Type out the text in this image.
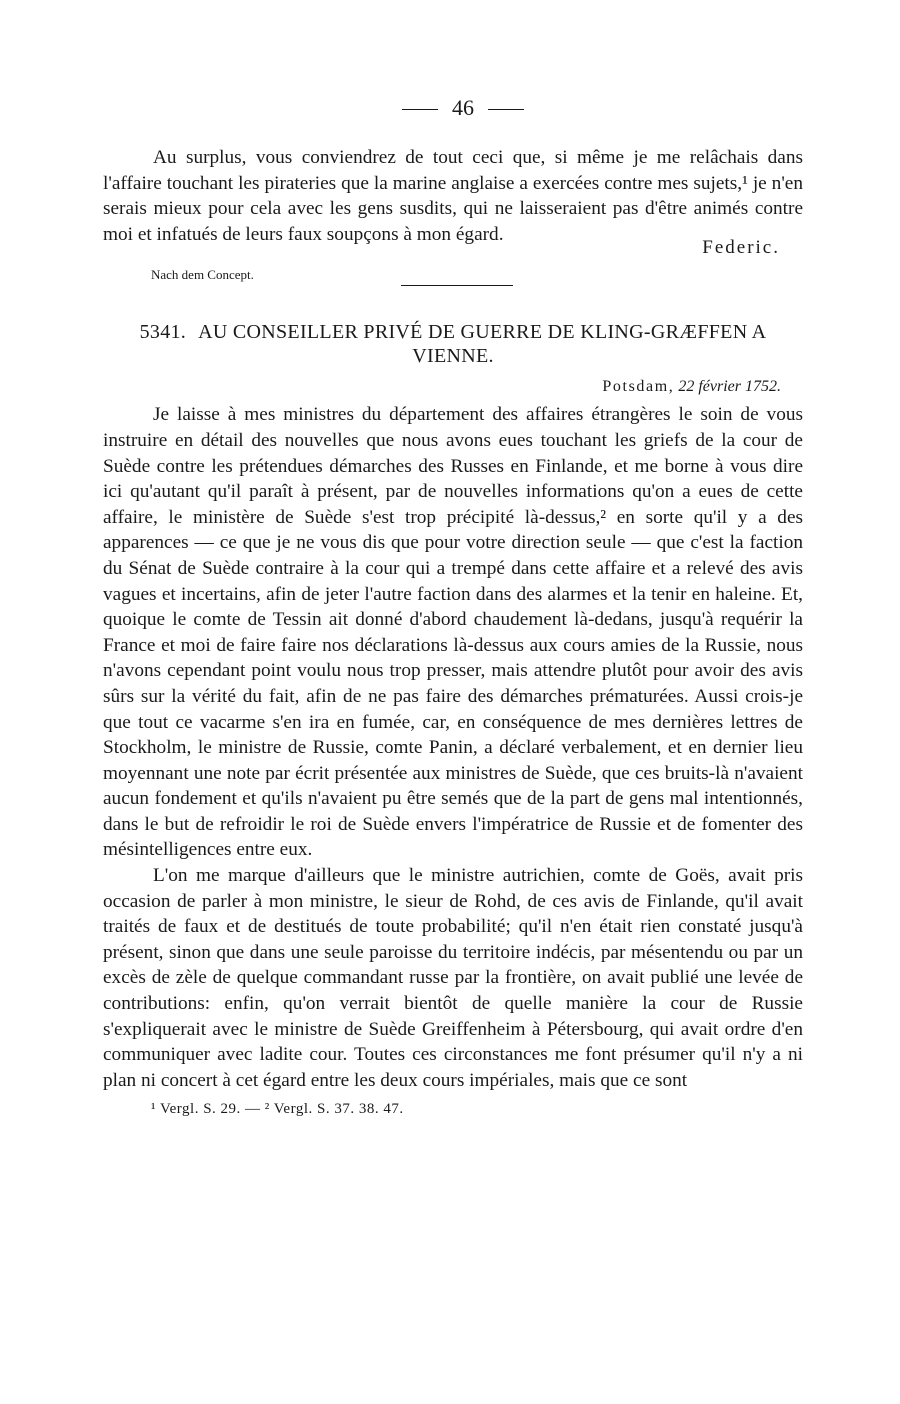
46

Au surplus, vous conviendrez de tout ceci que, si même je me relâchais dans l'affaire touchant les pirateries que la marine anglaise a exercées contre mes sujets,¹ je n'en serais mieux pour cela avec les gens susdits, qui ne laisseraient pas d'être animés contre moi et infatués de leurs faux soupçons à mon égard.

Federic.
Nach dem Concept.
5341. AU CONSEILLER PRIVÉ DE GUERRE DE KLING-GRÆFFEN A VIENNE.
Potsdam, 22 février 1752.

Je laisse à mes ministres du département des affaires étrangères le soin de vous instruire en détail des nouvelles que nous avons eues touchant les griefs de la cour de Suède contre les prétendues démarches des Russes en Finlande, et me borne à vous dire ici qu'autant qu'il paraît à présent, par de nouvelles informations qu'on a eues de cette affaire, le ministère de Suède s'est trop précipité là-dessus,² en sorte qu'il y a des apparences — ce que je ne vous dis que pour votre direction seule — que c'est la faction du Sénat de Suède contraire à la cour qui a trempé dans cette affaire et a relevé des avis vagues et incertains, afin de jeter l'autre faction dans des alarmes et la tenir en haleine. Et, quoique le comte de Tessin ait donné d'abord chaudement là-dedans, jusqu'à requérir la France et moi de faire faire nos déclarations là-dessus aux cours amies de la Russie, nous n'avons cependant point voulu nous trop presser, mais attendre plutôt pour avoir des avis sûrs sur la vérité du fait, afin de ne pas faire des démarches prématurées. Aussi crois-je que tout ce vacarme s'en ira en fumée, car, en conséquence de mes dernières lettres de Stockholm, le ministre de Russie, comte Panin, a déclaré verbalement, et en dernier lieu moyennant une note par écrit présentée aux ministres de Suède, que ces bruits-là n'avaient aucun fondement et qu'ils n'avaient pu être semés que de la part de gens mal intentionnés, dans le but de refroidir le roi de Suède envers l'impératrice de Russie et de fomenter des mésintelligences entre eux.

L'on me marque d'ailleurs que le ministre autrichien, comte de Goës, avait pris occasion de parler à mon ministre, le sieur de Rohd, de ces avis de Finlande, qu'il avait traités de faux et de destitués de toute probabilité; qu'il n'en était rien constaté jusqu'à présent, sinon que dans une seule paroisse du territoire indécis, par mésentendu ou par un excès de zèle de quelque commandant russe par la frontière, on avait publié une levée de contributions: enfin, qu'on verrait bientôt de quelle manière la cour de Russie s'expliquerait avec le ministre de Suède Greiffenheim à Pétersbourg, qui avait ordre d'en communiquer avec ladite cour. Toutes ces circonstances me font présumer qu'il n'y a ni plan ni concert à cet égard entre les deux cours impériales, mais que ce sont

¹ Vergl. S. 29. — ² Vergl. S. 37. 38. 47.
